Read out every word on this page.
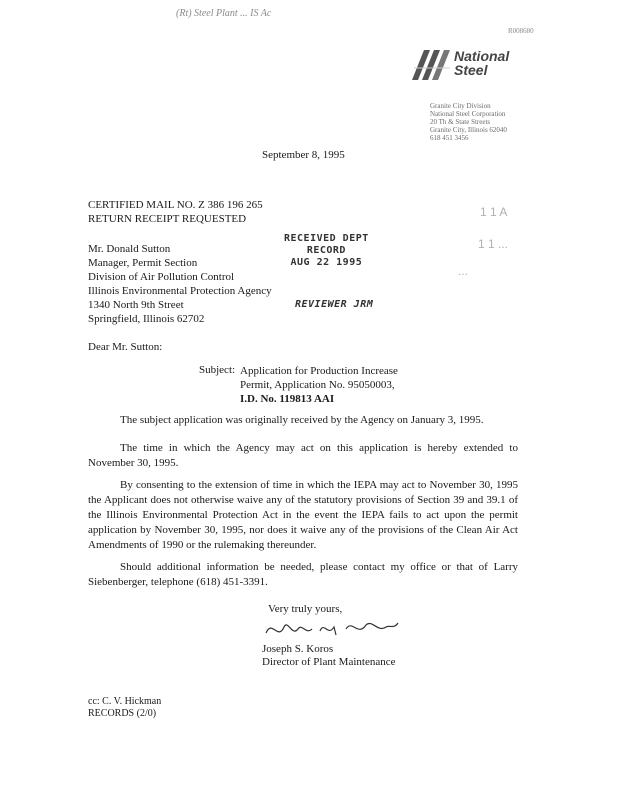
(Rt) Steel Plant ... IS Ac
R008680
National
Steel
Granite City Division
National Steel Corporation
20 Th & State Streets
Granite City, Illinois 62040
618 451 3456
September 8, 1995
CERTIFIED MAIL NO. Z 386 196 265
RETURN RECEIPT REQUESTED
Mr. Donald Sutton
Manager, Permit Section
Division of Air Pollution Control
Illinois Environmental Protection Agency
1340 North 9th Street
Springfield, Illinois 62702
RECEIVED DEPT
RECORD
AUG 22 1995
REVIEWER JRM
1 1 A
1 1 ...
...
Dear Mr. Sutton:
Subject: Application for Production Increase
Permit, Application No. 95050003,
I.D. No. 119813 AAI
The subject application was originally received by the Agency on January 3, 1995.
The time in which the Agency may act on this application is hereby extended to November 30, 1995.
By consenting to the extension of time in which the IEPA may act to November 30, 1995 the Applicant does not otherwise waive any of the statutory provisions of Section 39 and 39.1 of the Illinois Environmental Protection Act in the event the IEPA fails to act upon the permit application by November 30, 1995, nor does it waive any of the provisions of the Clean Air Act Amendments of 1990 or the rulemaking thereunder.
Should additional information be needed, please contact my office or that of Larry Siebenberger, telephone (618) 451-3391.
Very truly yours,
Joseph S. Koros
Director of Plant Maintenance
cc: C. V. Hickman
RECORDS (2/0)
